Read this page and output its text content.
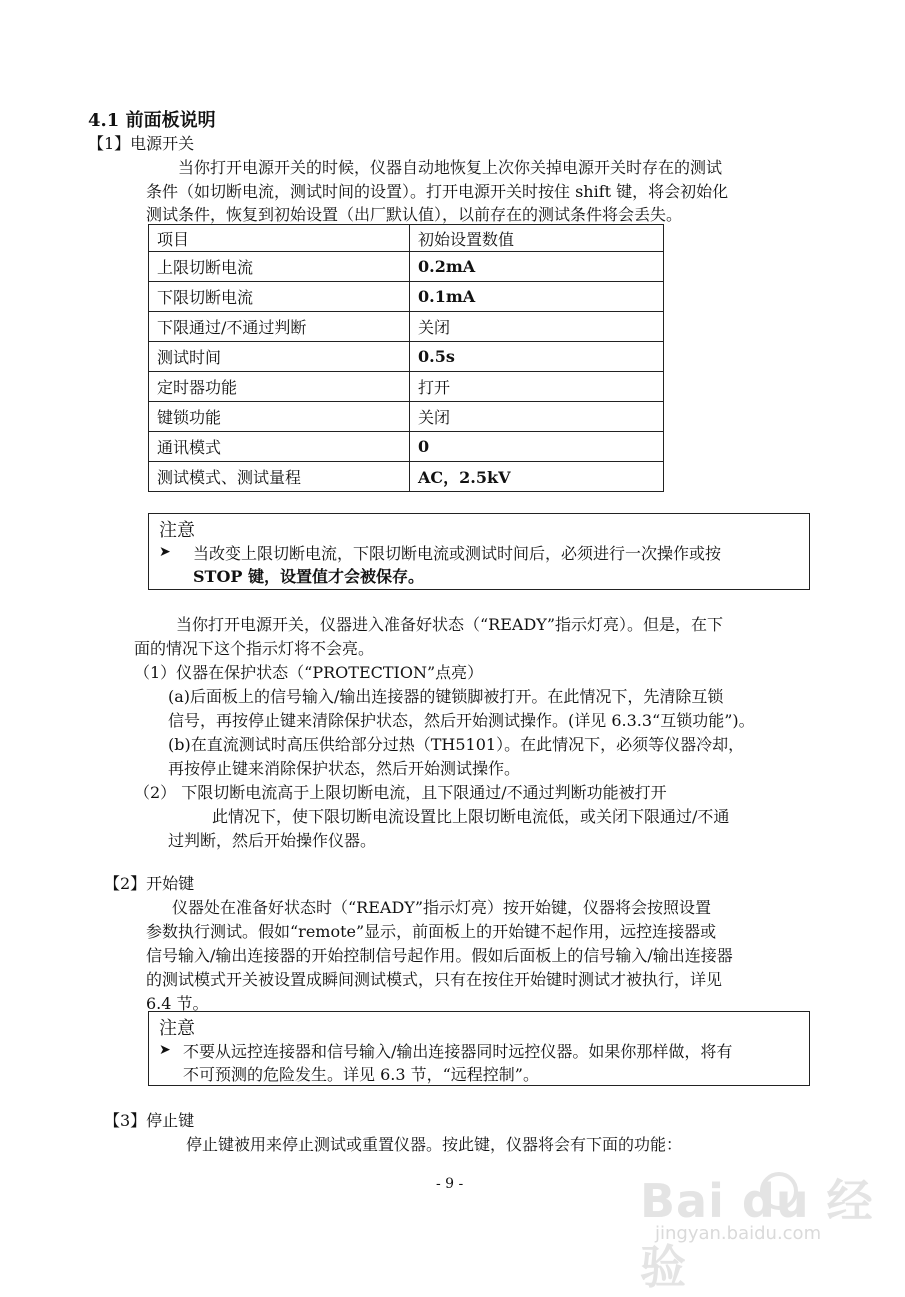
4.1 前面板说明
【1】电源开关
当你打开电源开关的时候，仪器自动地恢复上次你关掉电源开关时存在的测试
条件（如切断电流，测试时间的设置）。打开电源开关时按住 shift 键，将会初始化
测试条件，恢复到初始设置（出厂默认值），以前存在的测试条件将会丢失。
项目	初始设置数值
上限切断电流	0.2mA
下限切断电流	0.1mA
下限通过/不通过判断	关闭
测试时间	0.5s
定时器功能	打开
键锁功能	关闭
通讯模式	0
测试模式、测试量程	AC，2.5kV
注意
➤ 当改变上限切断电流，下限切断电流或测试时间后，必须进行一次操作或按
STOP 键，设置值才会被保存。
当你打开电源开关，仪器进入准备好状态（“READY”指示灯亮）。但是，在下
面的情况下这个指示灯将不会亮。
（1）仪器在保护状态（“PROTECTION”点亮）
(a)后面板上的信号输入/输出连接器的键锁脚被打开。在此情况下，先清除互锁
信号，再按停止键来清除保护状态，然后开始测试操作。(详见 6.3.3“互锁功能”)。
(b)在直流测试时高压供给部分过热（TH5101）。在此情况下，必须等仪器冷却，
再按停止键来消除保护状态，然后开始测试操作。
（2） 下限切断电流高于上限切断电流，且下限通过/不通过判断功能被打开
此情况下，使下限切断电流设置比上限切断电流低，或关闭下限通过/不通
过判断，然后开始操作仪器。
【2】开始键
仪器处在准备好状态时（“READY”指示灯亮）按开始键，仪器将会按照设置
参数执行测试。假如“remote”显示，前面板上的开始键不起作用，远控连接器或
信号输入/输出连接器的开始控制信号起作用。假如后面板上的信号输入/输出连接器
的测试模式开关被设置成瞬间测试模式，只有在按住开始键时测试才被执行，详见
6.4 节。
注意
➤ 不要从远控连接器和信号输入/输出连接器同时远控仪器。如果你那样做，将有
不可预测的危险发生。详见 6.3 节，“远程控制”。
【3】停止键
停止键被用来停止测试或重置仪器。按此键，仪器将会有下面的功能：
- 9 -	Bai du 经验
jingyan.baidu.com
